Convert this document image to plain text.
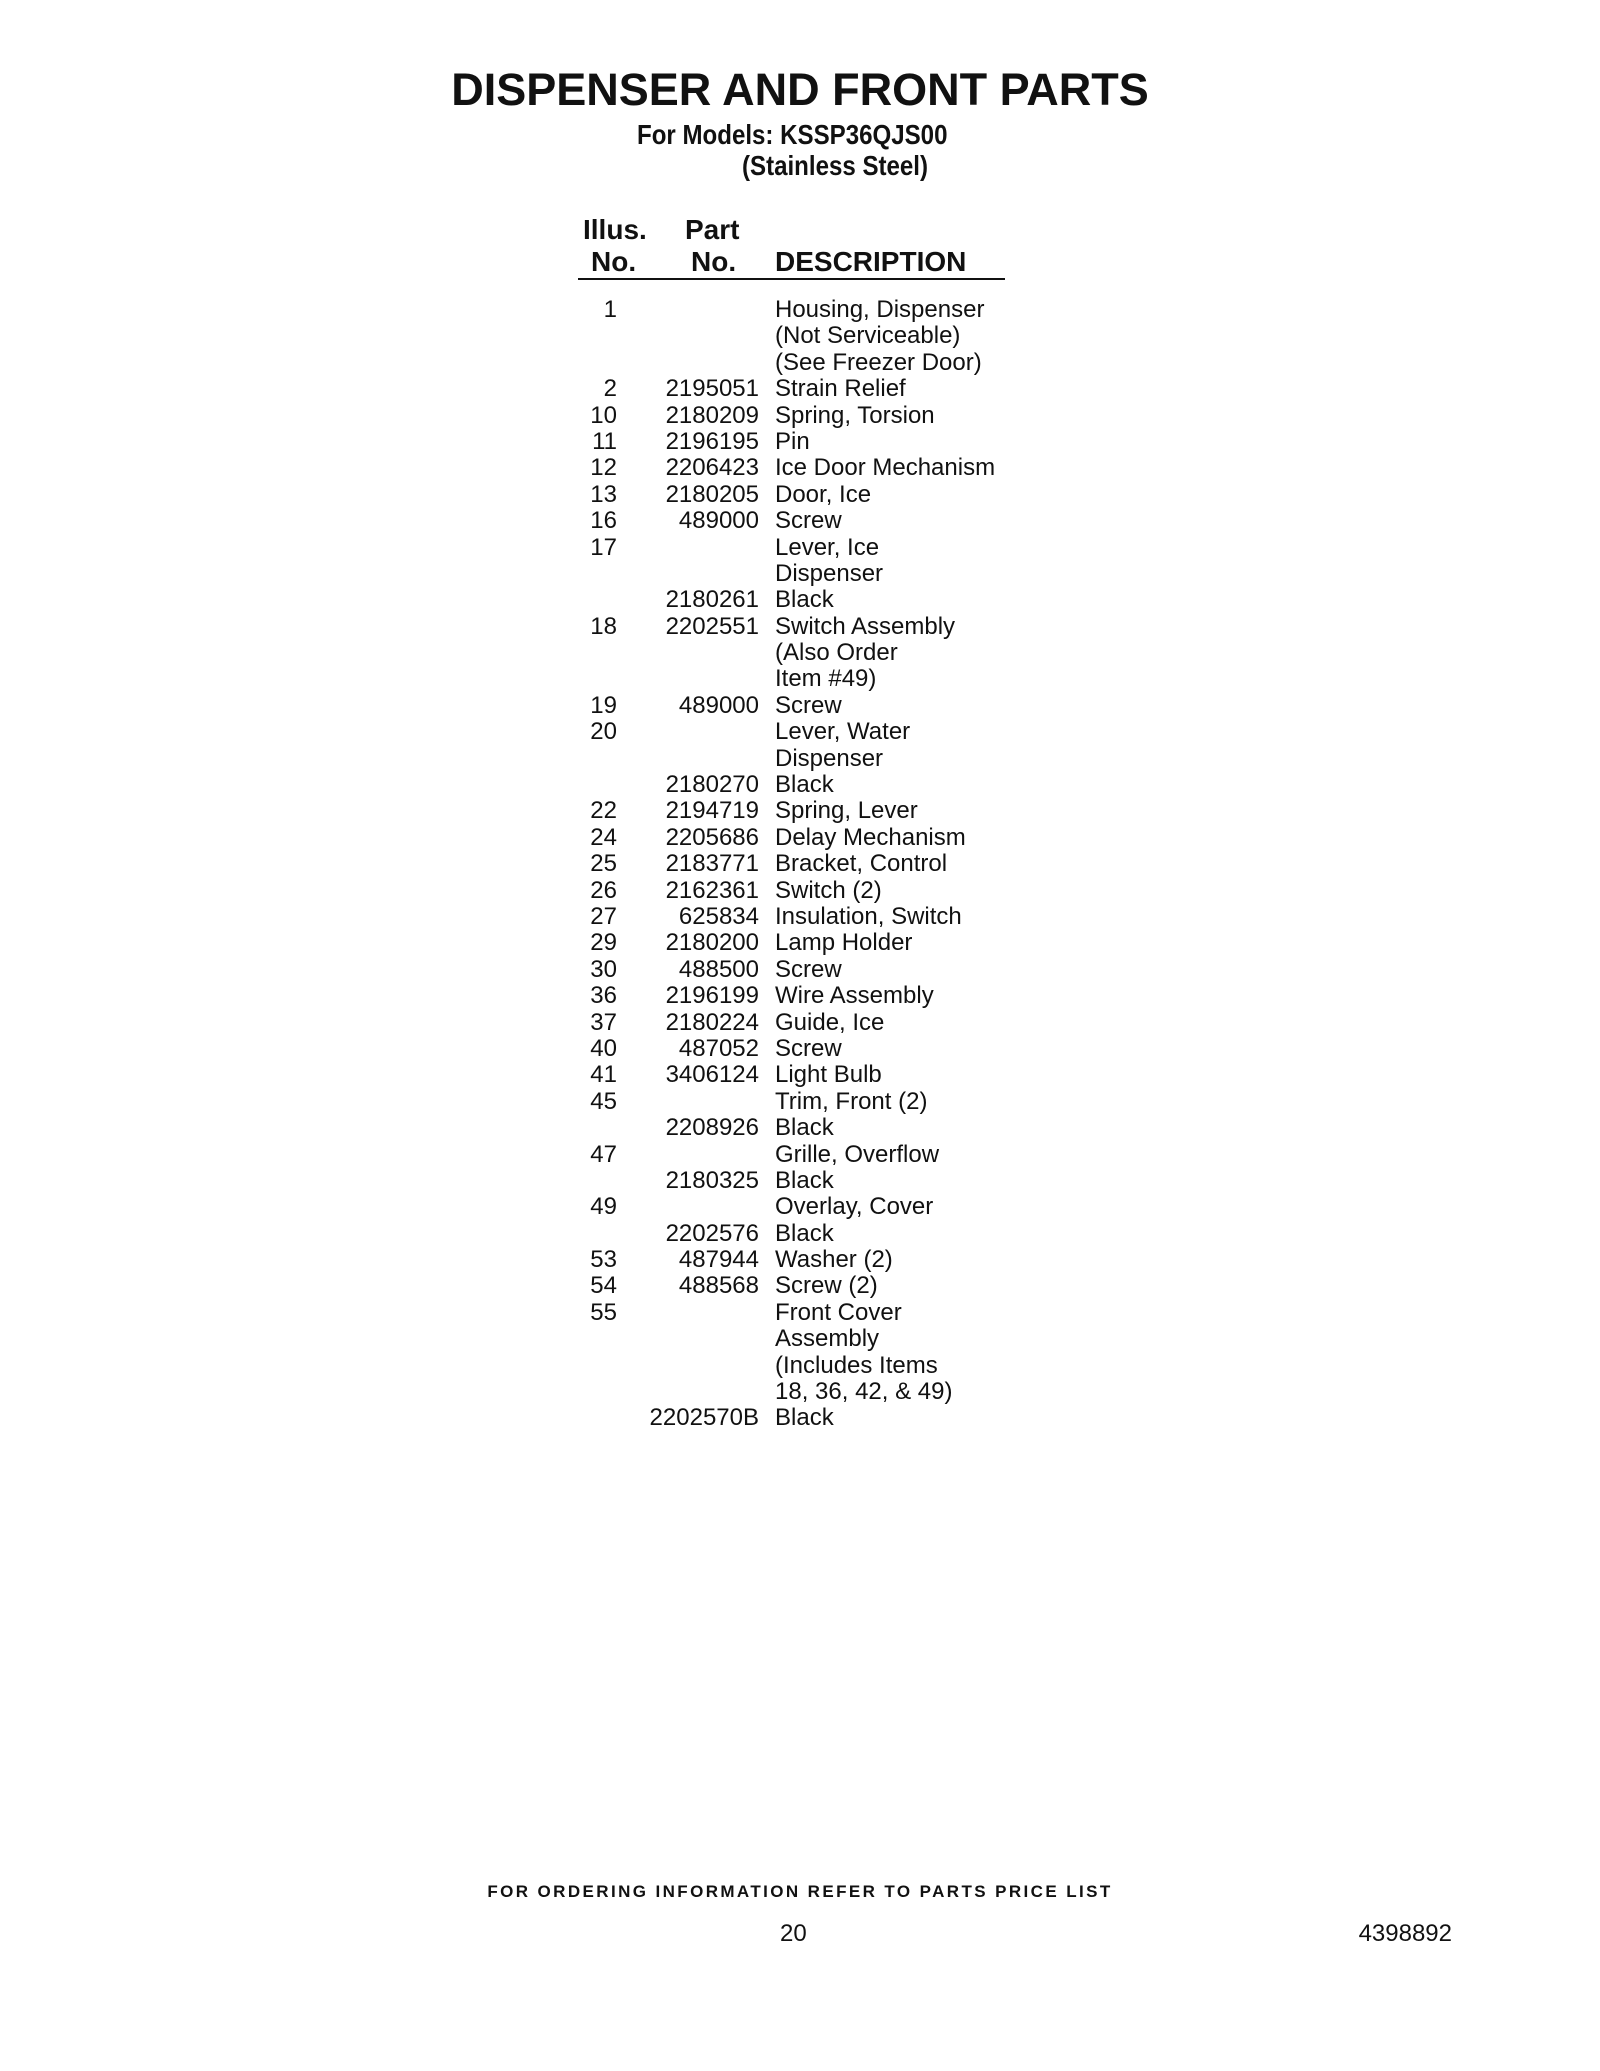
DISPENSER AND FRONT PARTS
For Models: KSSP36QJS00
(Stainless Steel)
Illus.
No.
Part
No. DESCRIPTION
1	Housing, Dispenser
(Not Serviceable)
(See Freezer Door)
2 2195051 Strain Relief
10 2180209 Spring, Torsion
11 2196195 Pin
12 2206423 Ice Door Mechanism
13 2180205 Door, Ice
16	489000 Screw
17	Lever, Ice
Dispenser
2180261 Black
18 2202551 Switch Assembly
(Also Order
Item #49)
19	489000 Screw
20	Lever, Water
Dispenser
2180270 Black
22 2194719 Spring, Lever
24 2205686 Delay Mechanism
25 2183771 Bracket, Control
26 2162361 Switch (2)
27	625834 Insulation, Switch
29 2180200 Lamp Holder
30	488500 Screw
36 2196199 Wire Assembly
37 2180224 Guide, Ice
40	487052 Screw
41 3406124 Light Bulb
45	Trim, Front (2)
2208926 Black
47	Grille, Overflow
2180325 Black
49	Overlay, Cover
2202576 Black
53	487944 Washer (2)
54	488568 Screw (2)
55	Front Cover
Assembly
(Includes Items
18, 36, 42, & 49)
2202570B Black
FOR ORDERING INFORMATION REFER TO PARTS PRICE LIST
20	4398892
